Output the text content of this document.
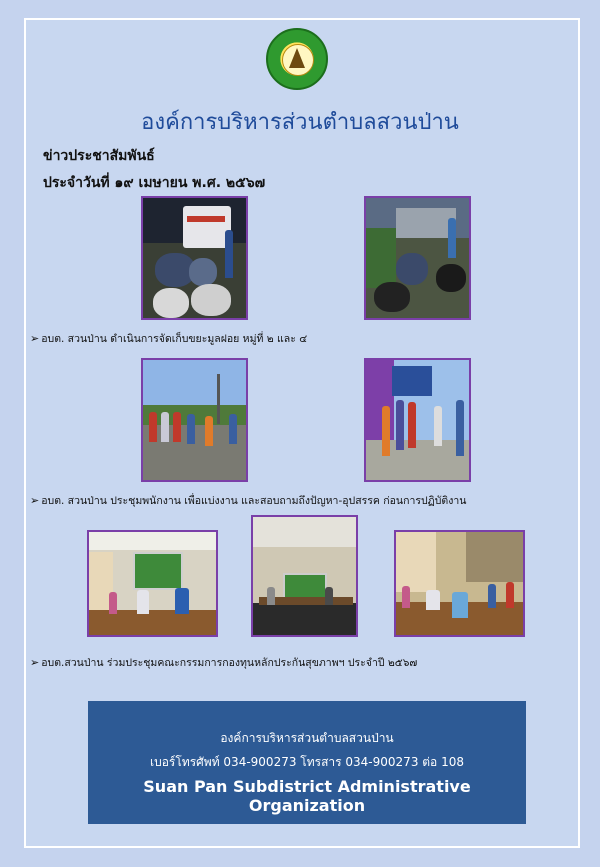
องค์การบริหารส่วนตำบลสวนป่าน
ข่าวประชาสัมพันธ์
ประจำวันที่ ๑๙ เมษายน พ.ศ. ๒๕๖๗
➢ อบต. สวนป่าน ดำเนินการจัดเก็บขยะมูลฝอย หมู่ที่ ๒ และ ๔
➢ อบต. สวนป่าน ประชุมพนักงาน เพื่อแบ่งงาน และสอบถามถึงปัญหา-อุปสรรค ก่อนการปฏิบัติงาน
➢ อบต.สวนป่าน ร่วมประชุมคณะกรรมการกองทุนหลักประกันสุขภาพฯ ประจำปี ๒๕๖๗
องค์การบริหารส่วนตำบลสวนป่าน
เบอร์โทรศัพท์ 034-900273 โทรสาร 034-900273 ต่อ 108
Suan Pan Subdistrict Administrative Organization
